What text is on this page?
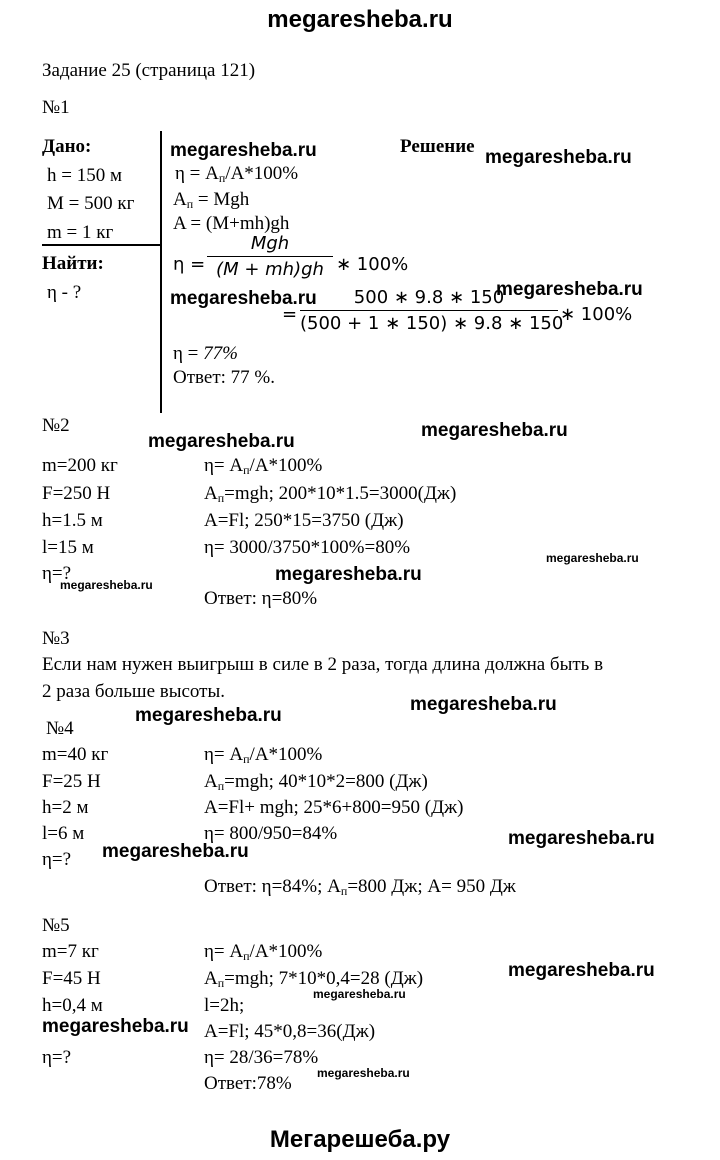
megaresheba.ru
Задание 25 (страница 121)
№1
Дано:
h = 150 м
M = 500 кг
m = 1 кг
Найти:
η - ?
Решение
$\eta = A_п/A*100\%$
$A_п$ = Mgh
A = (M+mh)gh
η =
Mgh
(M + mh)gh ∗ 100%
=
500 ∗ 9.8 ∗ 150
(500 + 1 ∗ 150) ∗ 9.8 ∗ 150
∗ 100%
η = 77%
Ответ: 77 %.
№2
m=200 кг
F=250 Н
h=1.5 м
l=15 м
η=?
$\eta= A_п/A*100\%$
$A_п=mgh$; 200*10*1.5=3000(Дж)
A=Fl; 250*15=3750 (Дж)
η= 3000/3750*100%=80%
Ответ: η=80%
№3
Если нам нужен выигрыш в силе в 2 раза, тогда длина должна быть в
2 раза больше высоты.
№4
m=40 кг
F=25 Н
h=2 м
l=6 м
η=?
$\eta= A_п/A*100\%$
$A_п=mgh$; 40*10*2=800 (Дж)
A=Fl+ mgh; 25*6+800=950 (Дж)
η= 800/950=84%
Ответ: η=84%; $A_п=800$ Дж; A= 950 Дж
№5
m=7 кг
F=45 Н
h=0,4 м
η=?
$\eta= A_п/A*100\%$
$A_п=mgh$; 7*10*0,4=28 (Дж)
l=2h;
A=Fl; 45*0,8=36(Дж)
η= 28/36=78%
Ответ:78%
megaresheba.ru	megaresheba.ru
megaresheba.ru	megaresheba.ru
megaresheba.ru
megaresheba.ru
megaresheba.ru
megaresheba.ru	megaresheba.ru
megaresheba.ru
megaresheba.ru
megaresheba.ru
megaresheba.ru
megaresheba.ru
megaresheba.ru
megaresheba.ru
megaresheba.ru
Мегарешеба.ру
